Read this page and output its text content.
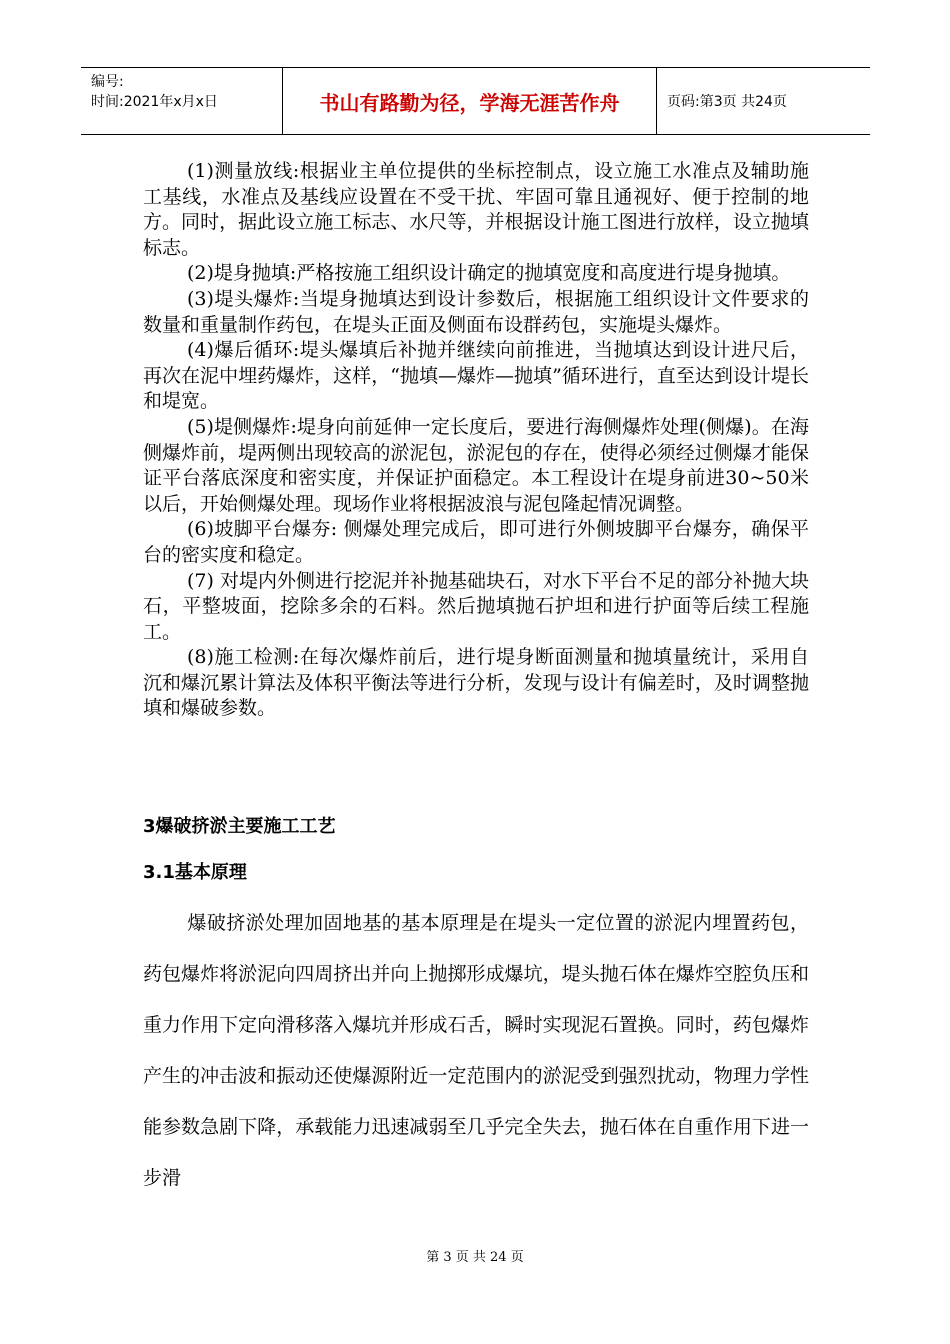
编号:
时间:2021年x月x日	书山有路勤为径，学海无涯苦作舟	页码:第3页 共24页

(1)测量放线:根据业主单位提供的坐标控制点，设立施工水准点及辅助施工基线，水准点及基线应设置在不受干扰、牢固可靠且通视好、便于控制的地方。同时，据此设立施工标志、水尺等，并根据设计施工图进行放样，设立抛填标志。

(2)堤身抛填:严格按施工组织设计确定的抛填宽度和高度进行堤身抛填。

(3)堤头爆炸:当堤身抛填达到设计参数后，根据施工组织设计文件要求的数量和重量制作药包，在堤头正面及侧面布设群药包，实施堤头爆炸。

(4)爆后循环:堤头爆填后补抛并继续向前推进，当抛填达到设计进尺后，再次在泥中埋药爆炸，这样，“抛填—爆炸—抛填”循环进行，直至达到设计堤长和堤宽。

(5)堤侧爆炸:堤身向前延伸一定长度后，要进行海侧爆炸处理(侧爆)。在海侧爆炸前，堤两侧出现较高的淤泥包，淤泥包的存在，使得必须经过侧爆才能保证平台落底深度和密实度，并保证护面稳定。本工程设计在堤身前进30~50米以后，开始侧爆处理。现场作业将根据波浪与泥包隆起情况调整。

(6)坡脚平台爆夯: 侧爆处理完成后，即可进行外侧坡脚平台爆夯，确保平台的密实度和稳定。

(7) 对堤内外侧进行挖泥并补抛基础块石，对水下平台不足的部分补抛大块石，平整坡面，挖除多余的石料。然后抛填抛石护坦和进行护面等后续工程施工。

(8)施工检测:在每次爆炸前后，进行堤身断面测量和抛填量统计，采用自沉和爆沉累计算法及体积平衡法等进行分析，发现与设计有偏差时，及时调整抛填和爆破参数。

3爆破挤淤主要施工工艺
3.1基本原理

爆破挤淤处理加固地基的基本原理是在堤头一定位置的淤泥内埋置药包，药包爆炸将淤泥向四周挤出并向上抛掷形成爆坑，堤头抛石体在爆炸空腔负压和重力作用下定向滑移落入爆坑并形成石舌，瞬时实现泥石置换。同时，药包爆炸产生的冲击波和振动还使爆源附近一定范围内的淤泥受到强烈扰动，物理力学性能参数急剧下降，承载能力迅速减弱至几乎完全失去，抛石体在自重作用下进一步滑

第 3 页 共 24 页
